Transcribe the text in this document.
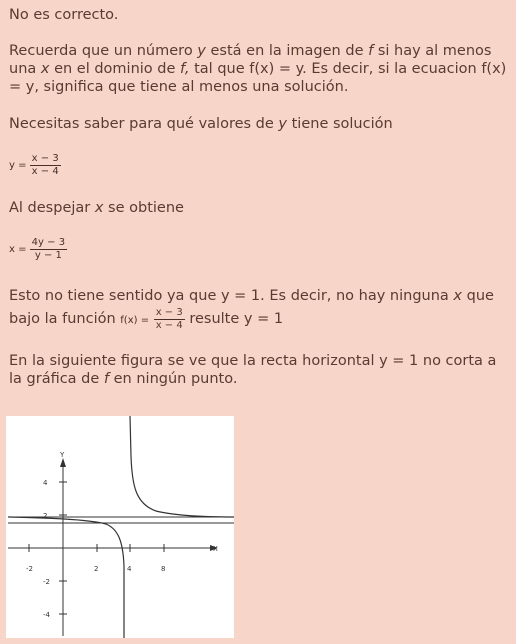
No es correcto.
Recuerda que un número y está en la imagen de f si hay al menos una x en el dominio de f, tal que f(x) = y. Es decir, si la ecuacion f(x) = y, significa que tiene al menos una solución.
Necesitas saber para qué valores de y tiene solución
$y = \frac{x - 3}{x - 4}$
Al despejar x se obtiene
$x = \frac{4y - 3}{y - 1}$
Esto no tiene sentido ya que y = 1. Es decir, no hay ninguna x que
bajo la función $f(x) = \frac{x - 3}{x - 4}$ resulte y = 1
En la siguiente figura se ve que la recta horizontal y = 1 no corta a la gráfica de f en ningún punto.
X
Y
-2	2	4	8
4
2
-2
-4
